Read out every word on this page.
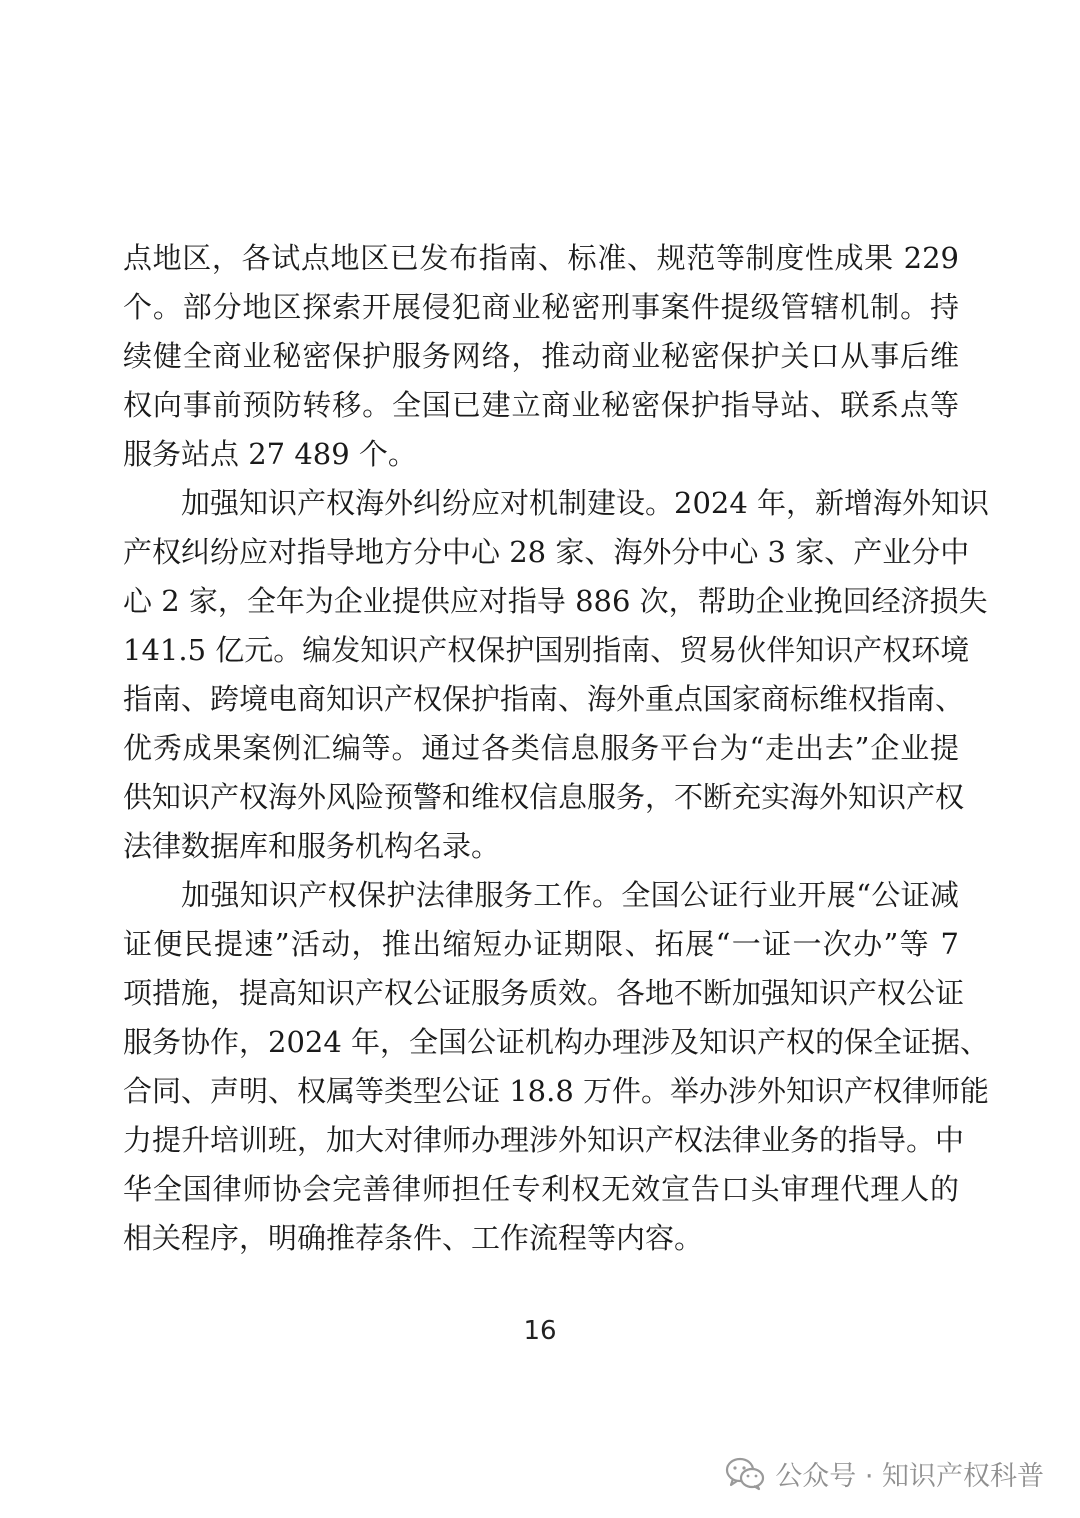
点地区，各试点地区已发布指南、标准、规范等制度性成果 229
个。部分地区探索开展侵犯商业秘密刑事案件提级管辖机制。持
续健全商业秘密保护服务网络，推动商业秘密保护关口从事后维
权向事前预防转移。全国已建立商业秘密保护指导站、联系点等
服务站点 27 489 个。
加强知识产权海外纠纷应对机制建设。2024 年，新增海外知识
产权纠纷应对指导地方分中心 28 家、海外分中心 3 家、产业分中
心 2 家，全年为企业提供应对指导 886 次，帮助企业挽回经济损失
141.5 亿元。编发知识产权保护国别指南、贸易伙伴知识产权环境
指南、跨境电商知识产权保护指南、海外重点国家商标维权指南、
优秀成果案例汇编等。通过各类信息服务平台为“走出去”企业提
供知识产权海外风险预警和维权信息服务，不断充实海外知识产权
法律数据库和服务机构名录。
加强知识产权保护法律服务工作。全国公证行业开展“公证减
证便民提速”活动，推出缩短办证期限、拓展“一证一次办”等 7
项措施，提高知识产权公证服务质效。各地不断加强知识产权公证
服务协作，2024 年，全国公证机构办理涉及知识产权的保全证据、
合同、声明、权属等类型公证 18.8 万件。举办涉外知识产权律师能
力提升培训班，加大对律师办理涉外知识产权法律业务的指导。中
华全国律师协会完善律师担任专利权无效宣告口头审理代理人的
相关程序，明确推荐条件、工作流程等内容。
16
公众号 · 知识产权科普
